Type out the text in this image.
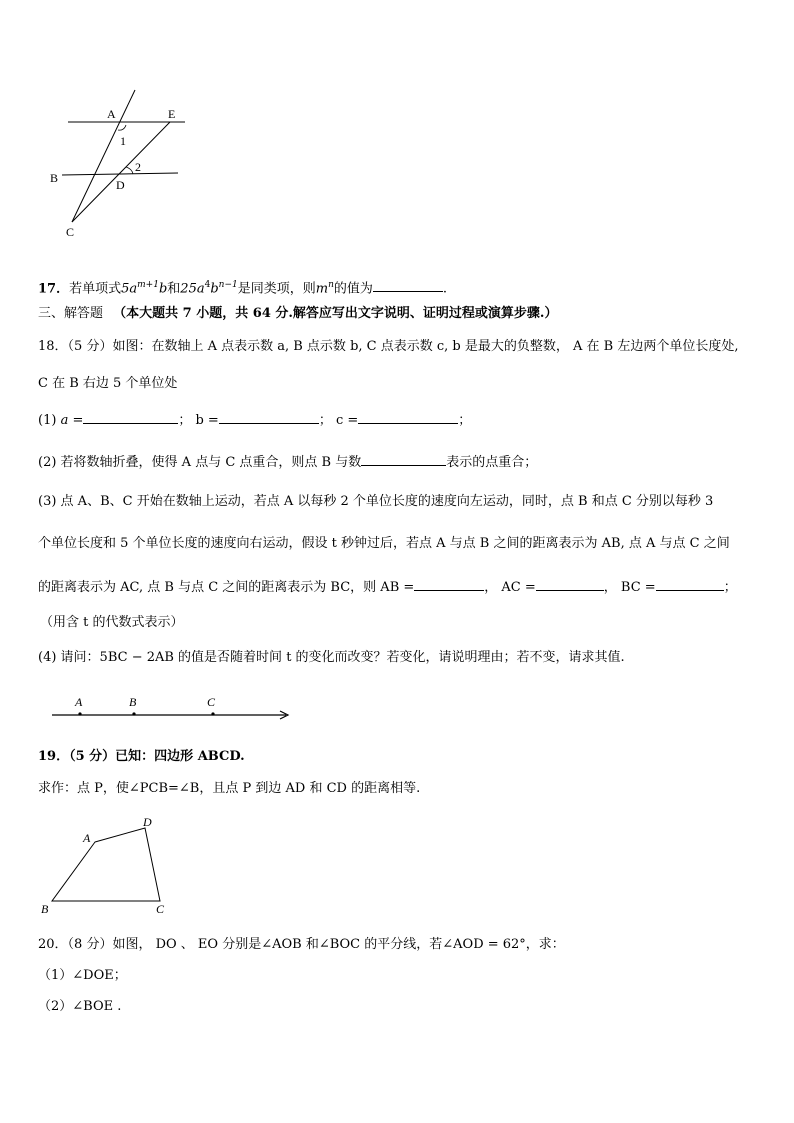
A	E
1
2
B	D
C
17．若单项式$5a^{m+1}b$和$25a^4b^{n-1}$是同类项，则$m^n$的值为	.
三、解答题 （本大题共 7 小题，共 64 分.解答应写出文字说明、证明过程或演算步骤.）
18．（5 分）如图：在数轴上 A 点表示数 a, B 点示数 b, C 点表示数 c, b 是最大的负整数， A 在 B 左边两个单位长度处,
C 在 B 右边 5 个单位处
(1) a =	； b =	； c =	；
(2) 若将数轴折叠，使得 A 点与 C 点重合，则点 B 与数	表示的点重合；
(3) 点 A、B、C 开始在数轴上运动，若点 A 以每秒 2 个单位长度的速度向左运动，同时，点 B 和点 C 分别以每秒 3
个单位长度和 5 个单位长度的速度向右运动，假设 t 秒钟过后，若点 A 与点 B 之间的距离表示为 AB, 点 A 与点 C 之间
的距离表示为 AC, 点 B 与点 C 之间的距离表示为 BC，则 AB =	， AC =	， BC =	；
（用含 t 的代数式表示）
(4) 请问：5BC − 2AB 的值是否随着时间 t 的变化而改变？若变化，请说明理由；若不变，请求其值.
A	B	C
19．（5 分）已知：四边形 ABCD.
求作：点 P，使∠PCB=∠B，且点 P 到边 AD 和 CD 的距离相等.
A
D
B	C
20．（8 分）如图， DO 、 EO 分别是∠AOB 和∠BOC 的平分线，若∠AOD = 62°，求：
（1）∠DOE；
（2）∠BOE .
